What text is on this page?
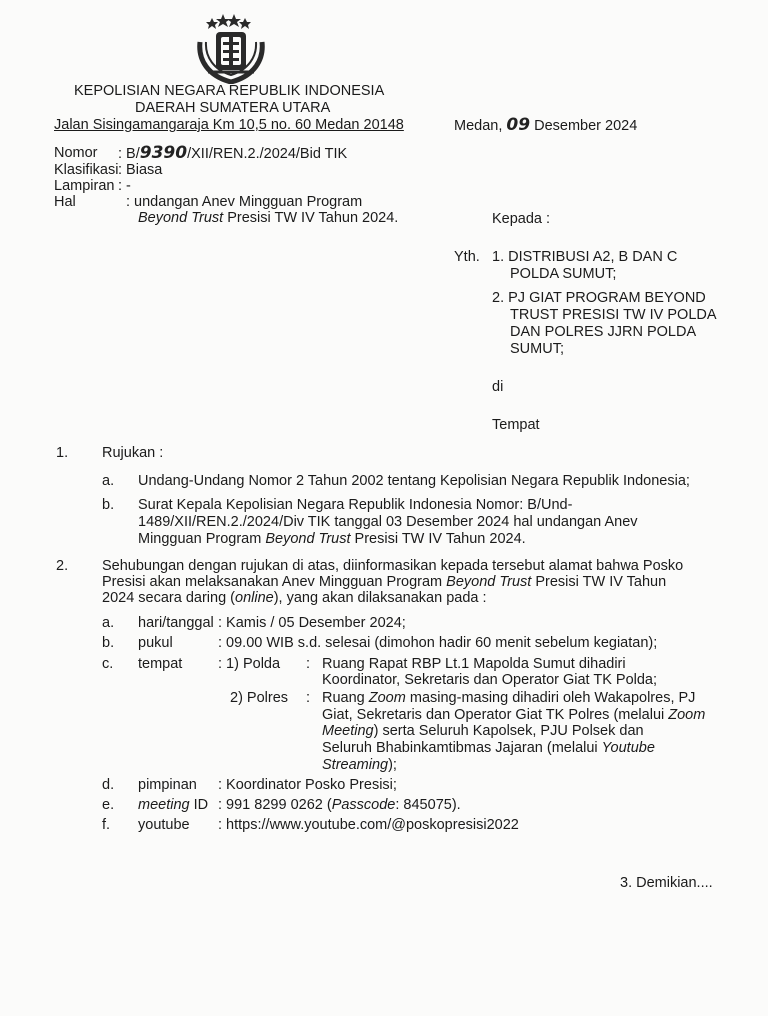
KEPOLISIAN NEGARA REPUBLIK INDONESIA
DAERAH SUMATERA UTARA
Jalan Sisingamangaraja Km 10,5 no. 60 Medan 20148	Medan, 09 Desember 2024
Nomor : B/9390/XII/REN.2./2024/Bid TIK
Klasifikasi : Biasa
Lampiran : -
Hal	: undangan Anev Mingguan Program
Beyond Trust Presisi TW IV Tahun 2024.	Kepada :
Yth. 1. DISTRIBUSI A2, B DAN C
POLDA SUMUT;
2. PJ GIAT PROGRAM BEYOND
TRUST PRESISI TW IV POLDA
DAN POLRES JJRN POLDA
SUMUT;
di
Tempat
1. Rujukan :
a. Undang-Undang Nomor 2 Tahun 2002 tentang Kepolisian Negara Republik Indonesia;
b. Surat Kepala Kepolisian Negara Republik Indonesia Nomor: B/Und-
1489/XII/REN.2./2024/Div TIK tanggal 03 Desember 2024 hal undangan Anev
Mingguan Program Beyond Trust Presisi TW IV Tahun 2024.
2. Sehubungan dengan rujukan di atas, diinformasikan kepada tersebut alamat bahwa Posko
Presisi akan melaksanakan Anev Mingguan Program Beyond Trust Presisi TW IV Tahun
2024 secara daring (online), yang akan dilaksanakan pada :
a. hari/tanggal : Kamis / 05 Desember 2024;
b. pukul	: 09.00 WIB s.d. selesai (dimohon hadir 60 menit sebelum kegiatan);
c. tempat : 1) Polda : Ruang Rapat RBP Lt.1 Mapolda Sumut dihadiri
Koordinator, Sekretaris dan Operator Giat TK Polda;
2) Polres : Ruang Zoom masing-masing dihadiri oleh Wakapolres, PJ
Giat, Sekretaris dan Operator Giat TK Polres (melalui Zoom
Meeting) serta Seluruh Kapolsek, PJU Polsek dan
Seluruh Bhabinkamtibmas Jajaran (melalui Youtube
Streaming);
d. pimpinan : Koordinator Posko Presisi;
e. meeting ID : 991 8299 0262 (Passcode: 845075).
f. youtube : https://www.youtube.com/@poskopresisi2022
3. Demikian....
